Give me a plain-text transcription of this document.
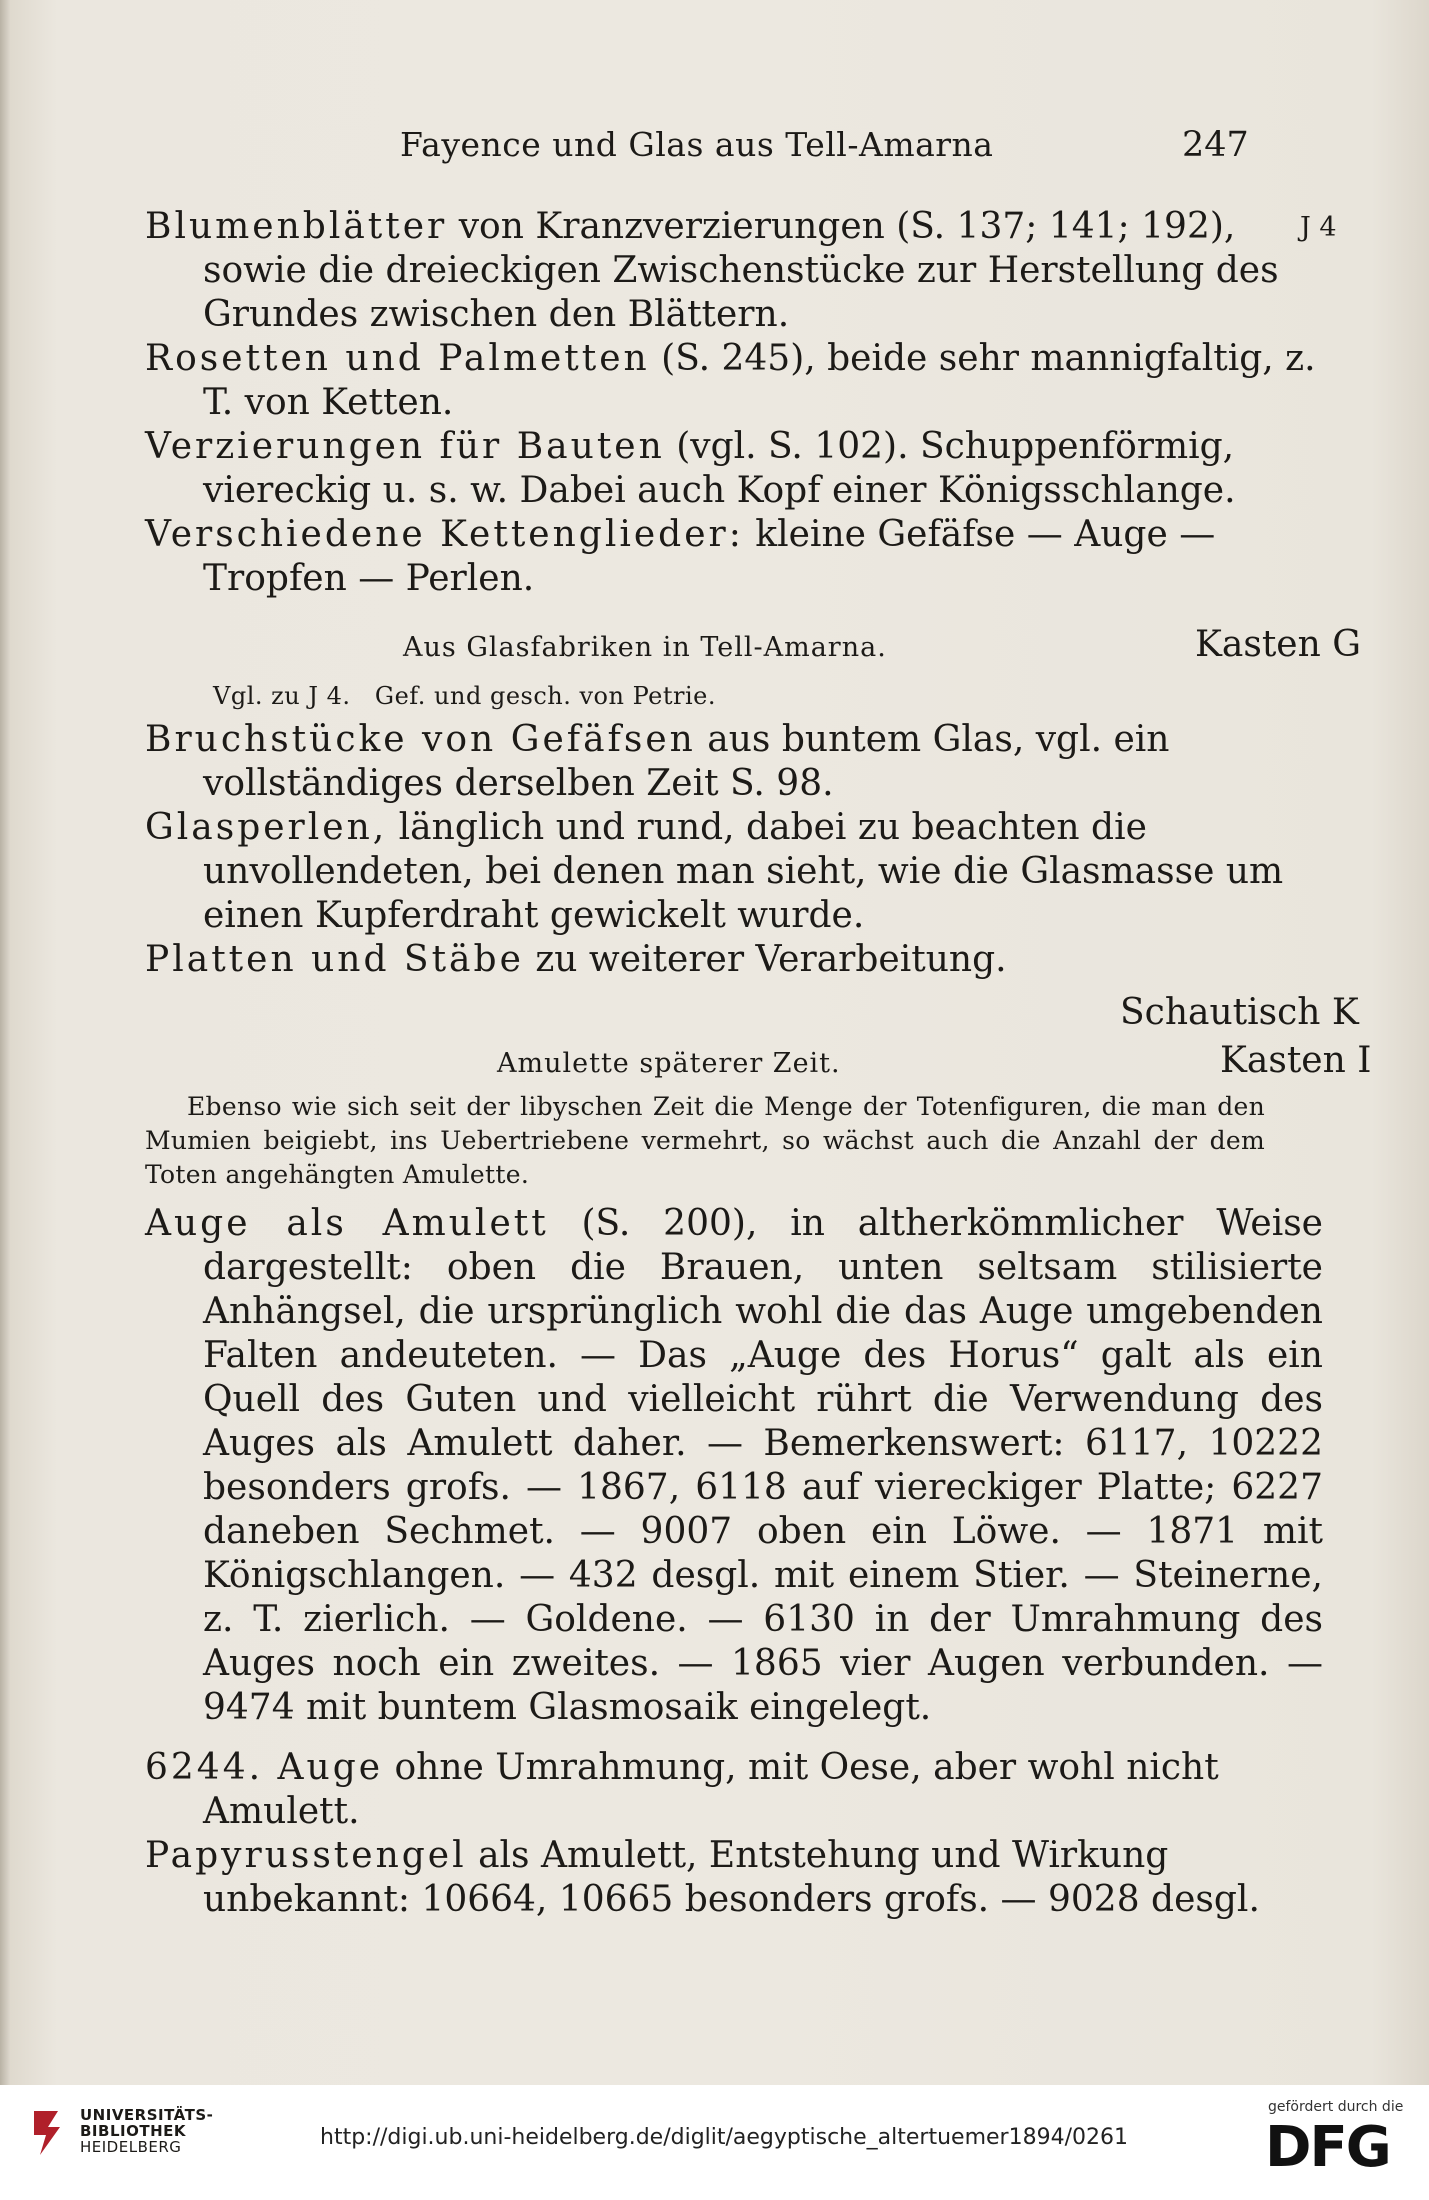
Fayence und Glas aus Tell-Amarna	247
Blumenblätter von Kranzverzierungen (S. 137; 141; 192), sowie die dreieckigen Zwischenstücke zur Herstellung des Grundes zwischen den Blättern.
J 4
Rosetten und Palmetten (S. 245), beide sehr mannigfaltig, z. T. von Ketten.
Verzierungen für Bauten (vgl. S. 102). Schuppenförmig, viereckig u. s. w. Dabei auch Kopf einer Königsschlange.
Verschiedene Kettenglieder: kleine Gefäfse — Auge — Tropfen — Perlen.
Aus Glasfabriken in Tell-Amarna.	Kasten G
Vgl. zu J 4.   Gef. und gesch. von Petrie.
Bruchstücke von Gefäfsen aus buntem Glas, vgl. ein vollständiges derselben Zeit S. 98.
Glasperlen, länglich und rund, dabei zu beachten die unvollendeten, bei denen man sieht, wie die Glasmasse um einen Kupferdraht gewickelt wurde.
Platten und Stäbe zu weiterer Verarbeitung.
Schautisch K
Amulette späterer Zeit.	Kasten I
Ebenso wie sich seit der libyschen Zeit die Menge der Totenfiguren, die man den Mumien beigiebt, ins Uebertriebene vermehrt, so wächst auch die Anzahl der dem Toten angehängten Amulette.
Auge als Amulett (S. 200), in altherkömmlicher Weise dargestellt: oben die Brauen, unten seltsam stilisierte Anhängsel, die ursprünglich wohl die das Auge umgebenden Falten andeuteten. — Das „Auge des Horus“ galt als ein Quell des Guten und vielleicht rührt die Verwendung des Auges als Amulett daher. — Bemerkenswert: 6117, 10222 besonders grofs. — 1867, 6118 auf viereckiger Platte; 6227 daneben Sechmet. — 9007 oben ein Löwe. — 1871 mit Königschlangen. — 432 desgl. mit einem Stier. — Steinerne, z. T. zierlich. — Goldene. — 6130 in der Umrahmung des Auges noch ein zweites. — 1865 vier Augen verbunden. — 9474 mit buntem Glasmosaik eingelegt.
6244. Auge ohne Umrahmung, mit Oese, aber wohl nicht Amulett.
Papyrusstengel als Amulett, Entstehung und Wirkung unbekannt: 10664, 10665 besonders grofs. — 9028 desgl.
UNIVERSITÄTS-
BIBLIOTHEK
HEIDELBERG	http://digi.ub.uni-heidelberg.de/diglit/aegyptische_altertuemer1894/0261
gefördert durch die
DFG
